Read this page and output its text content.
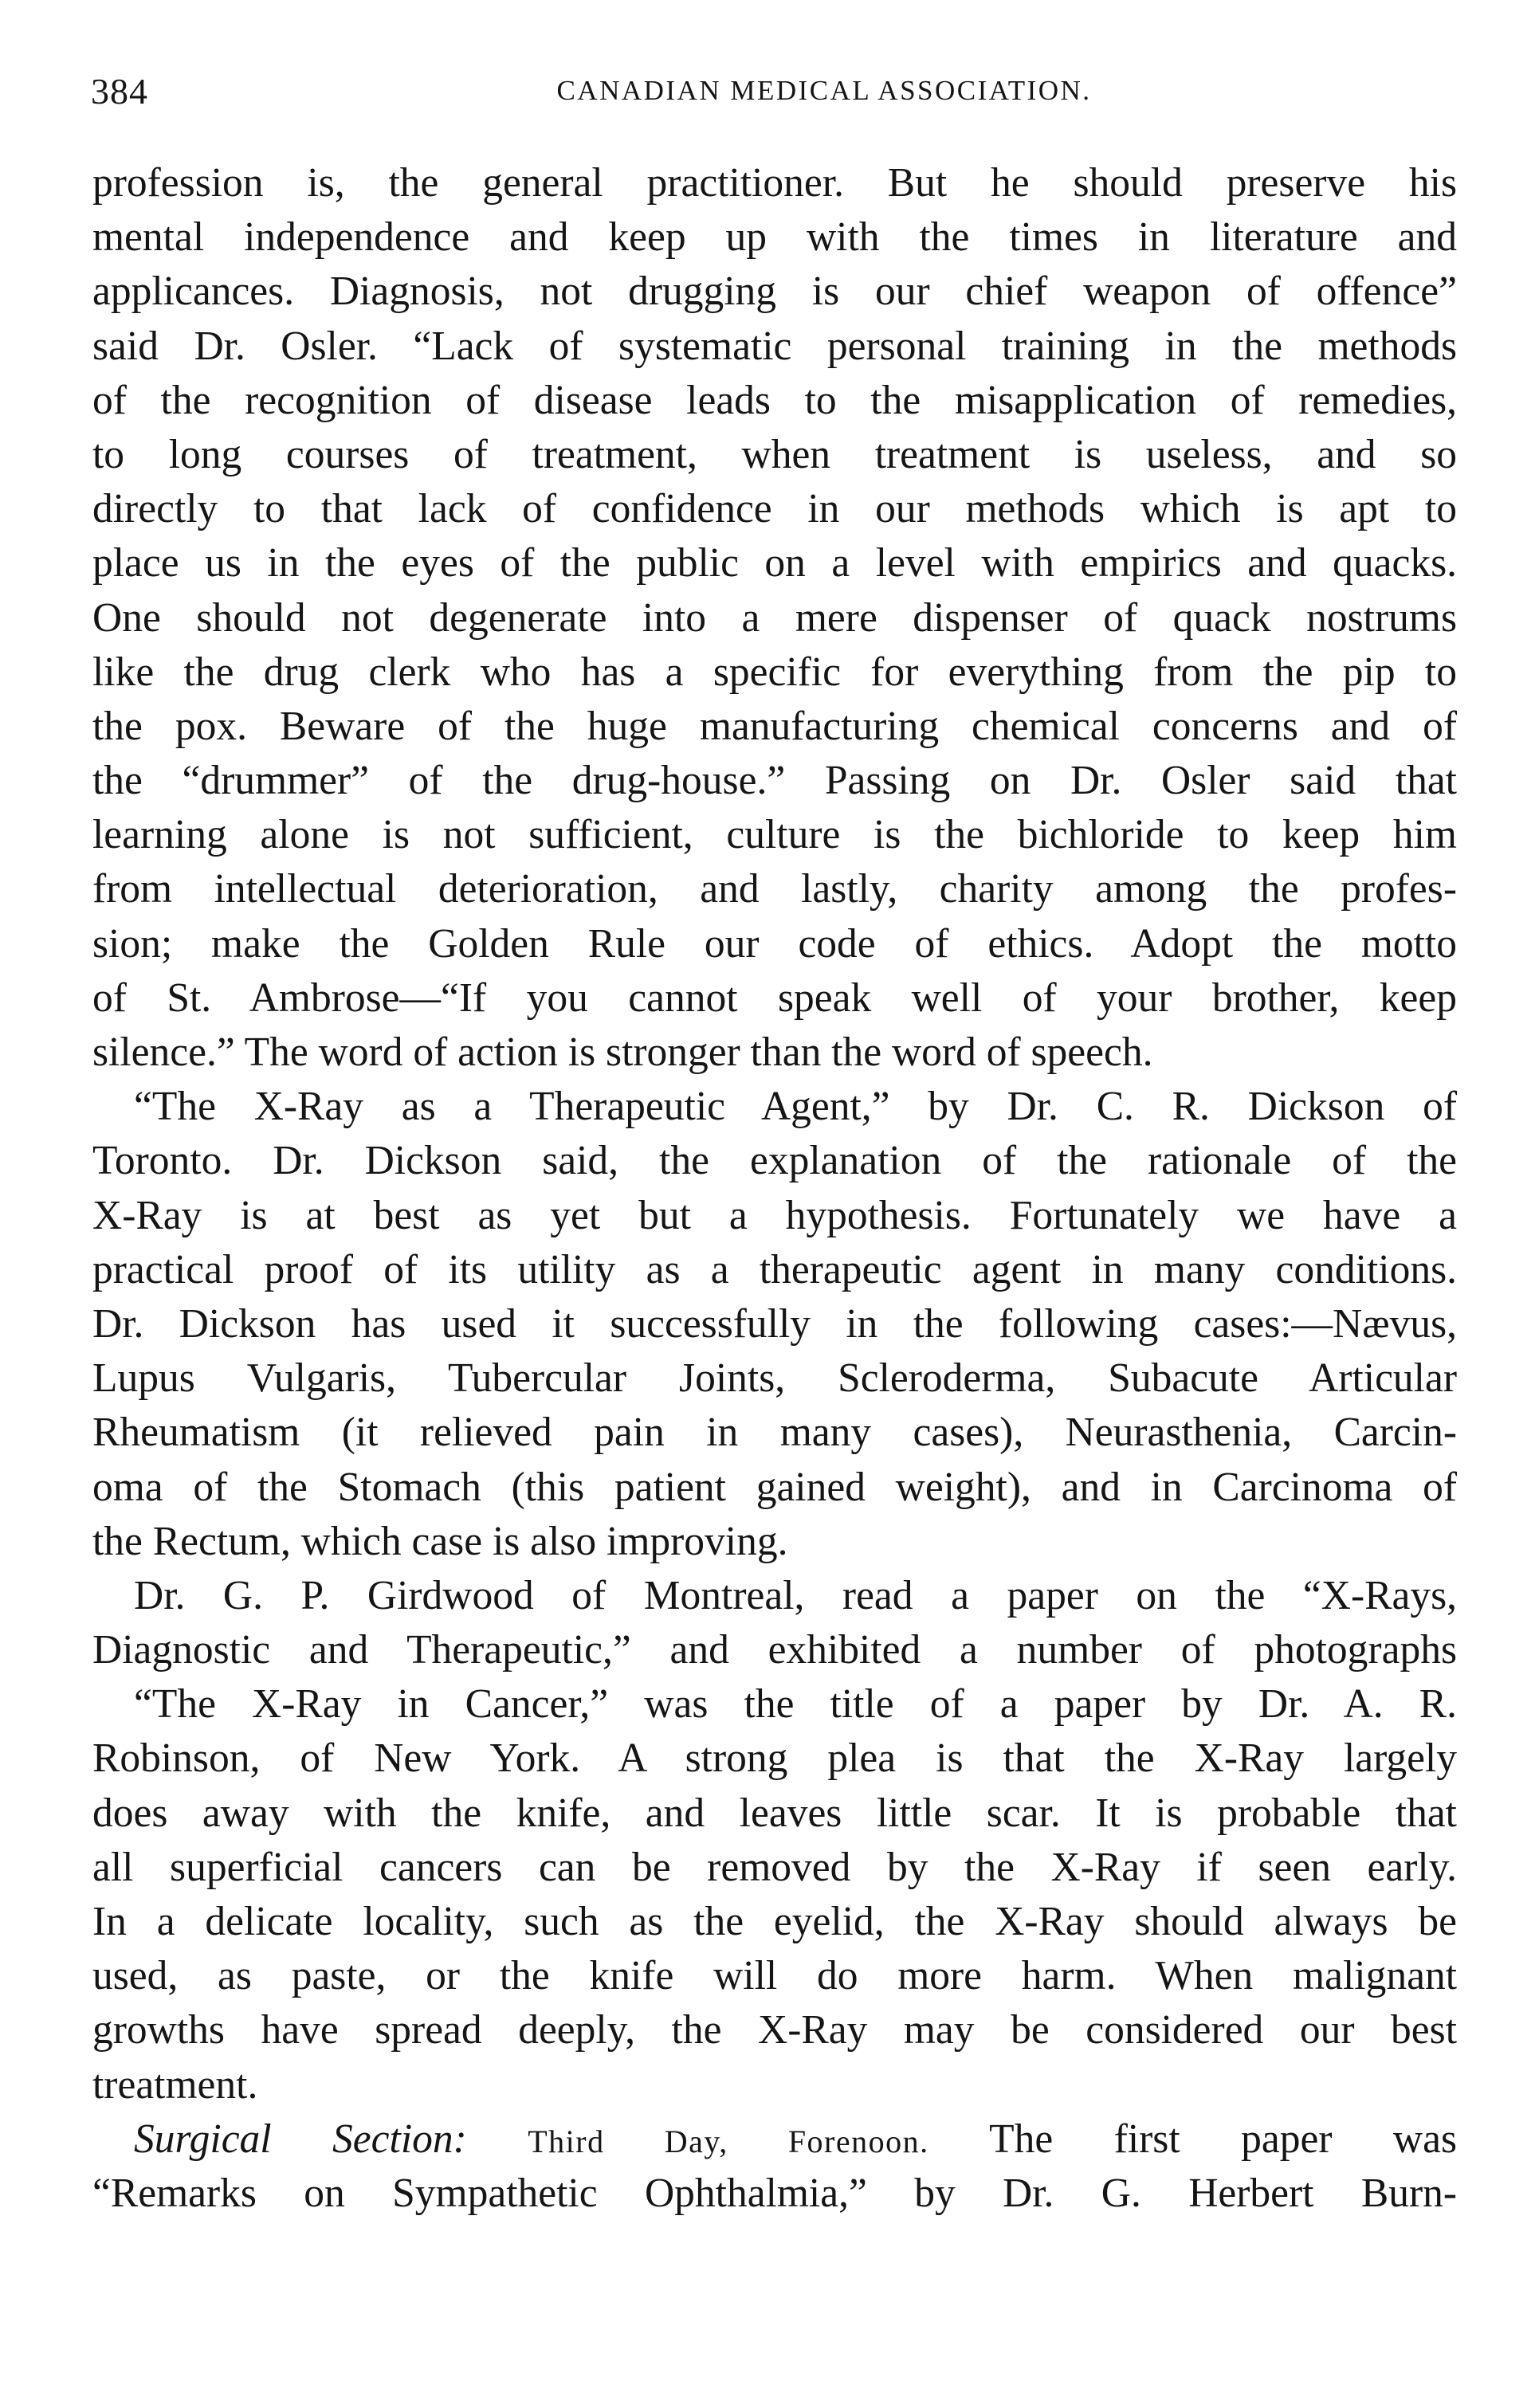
384	CANADIAN MEDICAL ASSOCIATION.
profession is, the general practitioner. But he should preserve his
mental independence and keep up with the times in literature and
applicances. Diagnosis, not drugging is our chief weapon of offence”
said Dr. Osler. “Lack of systematic personal training in the methods
of the recognition of disease leads to the misapplication of remedies,
to long courses of treatment, when treatment is useless, and so
directly to that lack of confidence in our methods which is apt to
place us in the eyes of the public on a level with empirics and quacks.
One should not degenerate into a mere dispenser of quack nostrums
like the drug clerk who has a specific for everything from the pip to
the pox. Beware of the huge manufacturing chemical concerns and of
the “drummer” of the drug-house.” Passing on Dr. Osler said that
learning alone is not sufficient, culture is the bichloride to keep him
from intellectual deterioration, and lastly, charity among the profes-
sion; make the Golden Rule our code of ethics. Adopt the motto
of St. Ambrose—“If you cannot speak well of your brother, keep
silence.” The word of action is stronger than the word of speech.
“The X-Ray as a Therapeutic Agent,” by Dr. C. R. Dickson of
Toronto. Dr. Dickson said, the explanation of the rationale of the
X-Ray is at best as yet but a hypothesis. Fortunately we have a
practical proof of its utility as a therapeutic agent in many conditions.
Dr. Dickson has used it successfully in the following cases:—Nævus,
Lupus Vulgaris, Tubercular Joints, Scleroderma, Subacute Articular
Rheumatism (it relieved pain in many cases), Neurasthenia, Carcin-
oma of the Stomach (this patient gained weight), and in Carcinoma of
the Rectum, which case is also improving.
Dr. G. P. Girdwood of Montreal, read a paper on the “X-Rays,
Diagnostic and Therapeutic,” and exhibited a number of photographs
“The X-Ray in Cancer,” was the title of a paper by Dr. A. R.
Robinson, of New York. A strong plea is that the X-Ray largely
does away with the knife, and leaves little scar. It is probable that
all superficial cancers can be removed by the X-Ray if seen early.
In a delicate locality, such as the eyelid, the X-Ray should always be
used, as paste, or the knife will do more harm. When malignant
growths have spread deeply, the X-Ray may be considered our best
treatment.
Surgical Section: Third Day, Forenoon. The first paper was
“Remarks on Sympathetic Ophthalmia,” by Dr. G. Herbert Burn-
